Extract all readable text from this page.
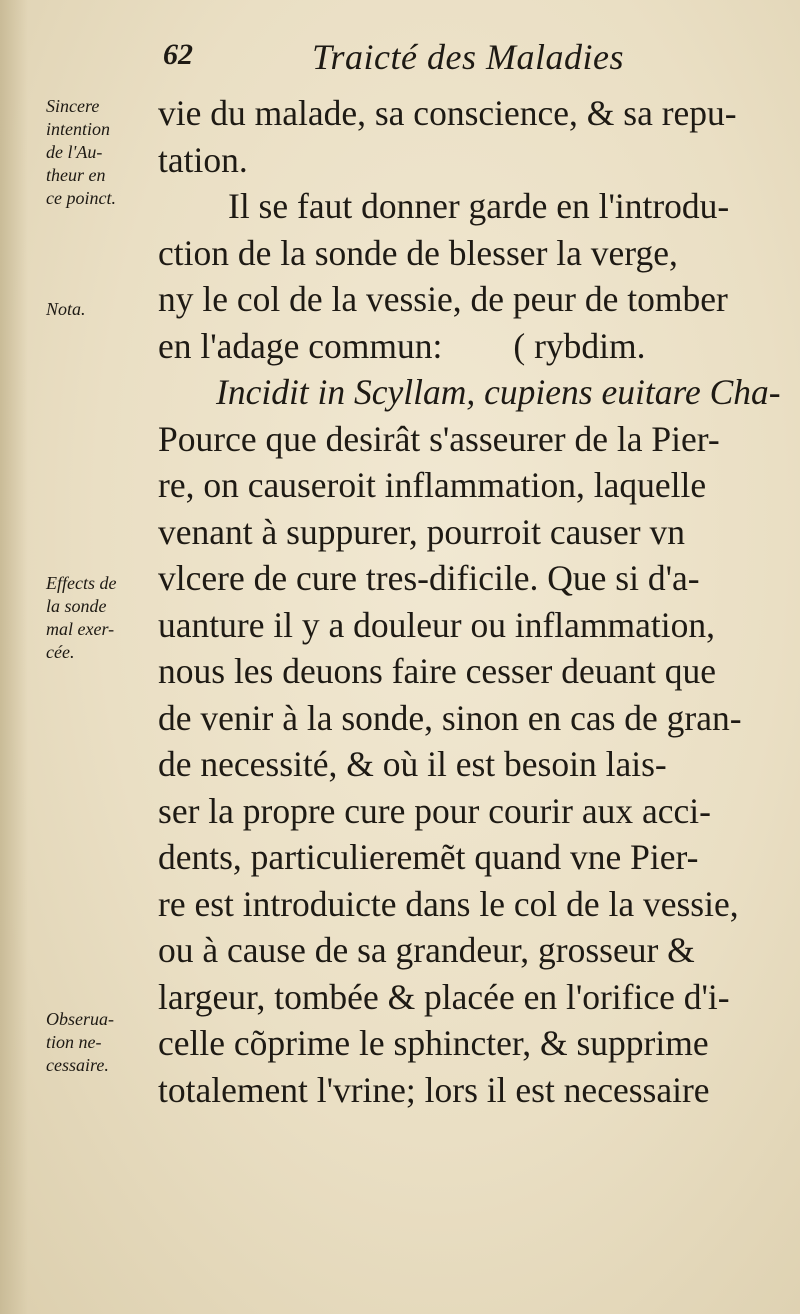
62	Traicté des Maladies
Sincere
intention
de l'Au-
theur en
ce poinct.
Nota.
Effects de
la sonde
mal exer-
cée.
Obserua-
tion ne-
cessaire.
vie du malade, sa conscience, & sa repu-
tation.
Il se faut donner garde en l'introdu-
ction de la sonde de blesser la verge,
ny le col de la vessie, de peur de tomber
en l'adage commun:        ( rybdim.
Incidit in Scyllam, cupiens euitare Cha-
Pource que desirât s'asseurer de la Pier-
re, on causeroit inflammation, laquelle
venant à suppurer, pourroit causer vn
vlcere de cure tres-dificile. Que si d'a-
uanture il y a douleur ou inflammation,
nous les deuons faire cesser deuant que
de venir à la sonde, sinon en cas de gran-
de necessité, & où il est besoin lais-
ser la propre cure pour courir aux acci-
dents, particulieremẽt quand vne Pier-
re est introduicte dans le col de la vessie,
ou à cause de sa grandeur, grosseur &
largeur, tombée & placée en l'orifice d'i-
celle cõprime le sphincter, & supprime
totalement l'vrine; lors il est necessaire
